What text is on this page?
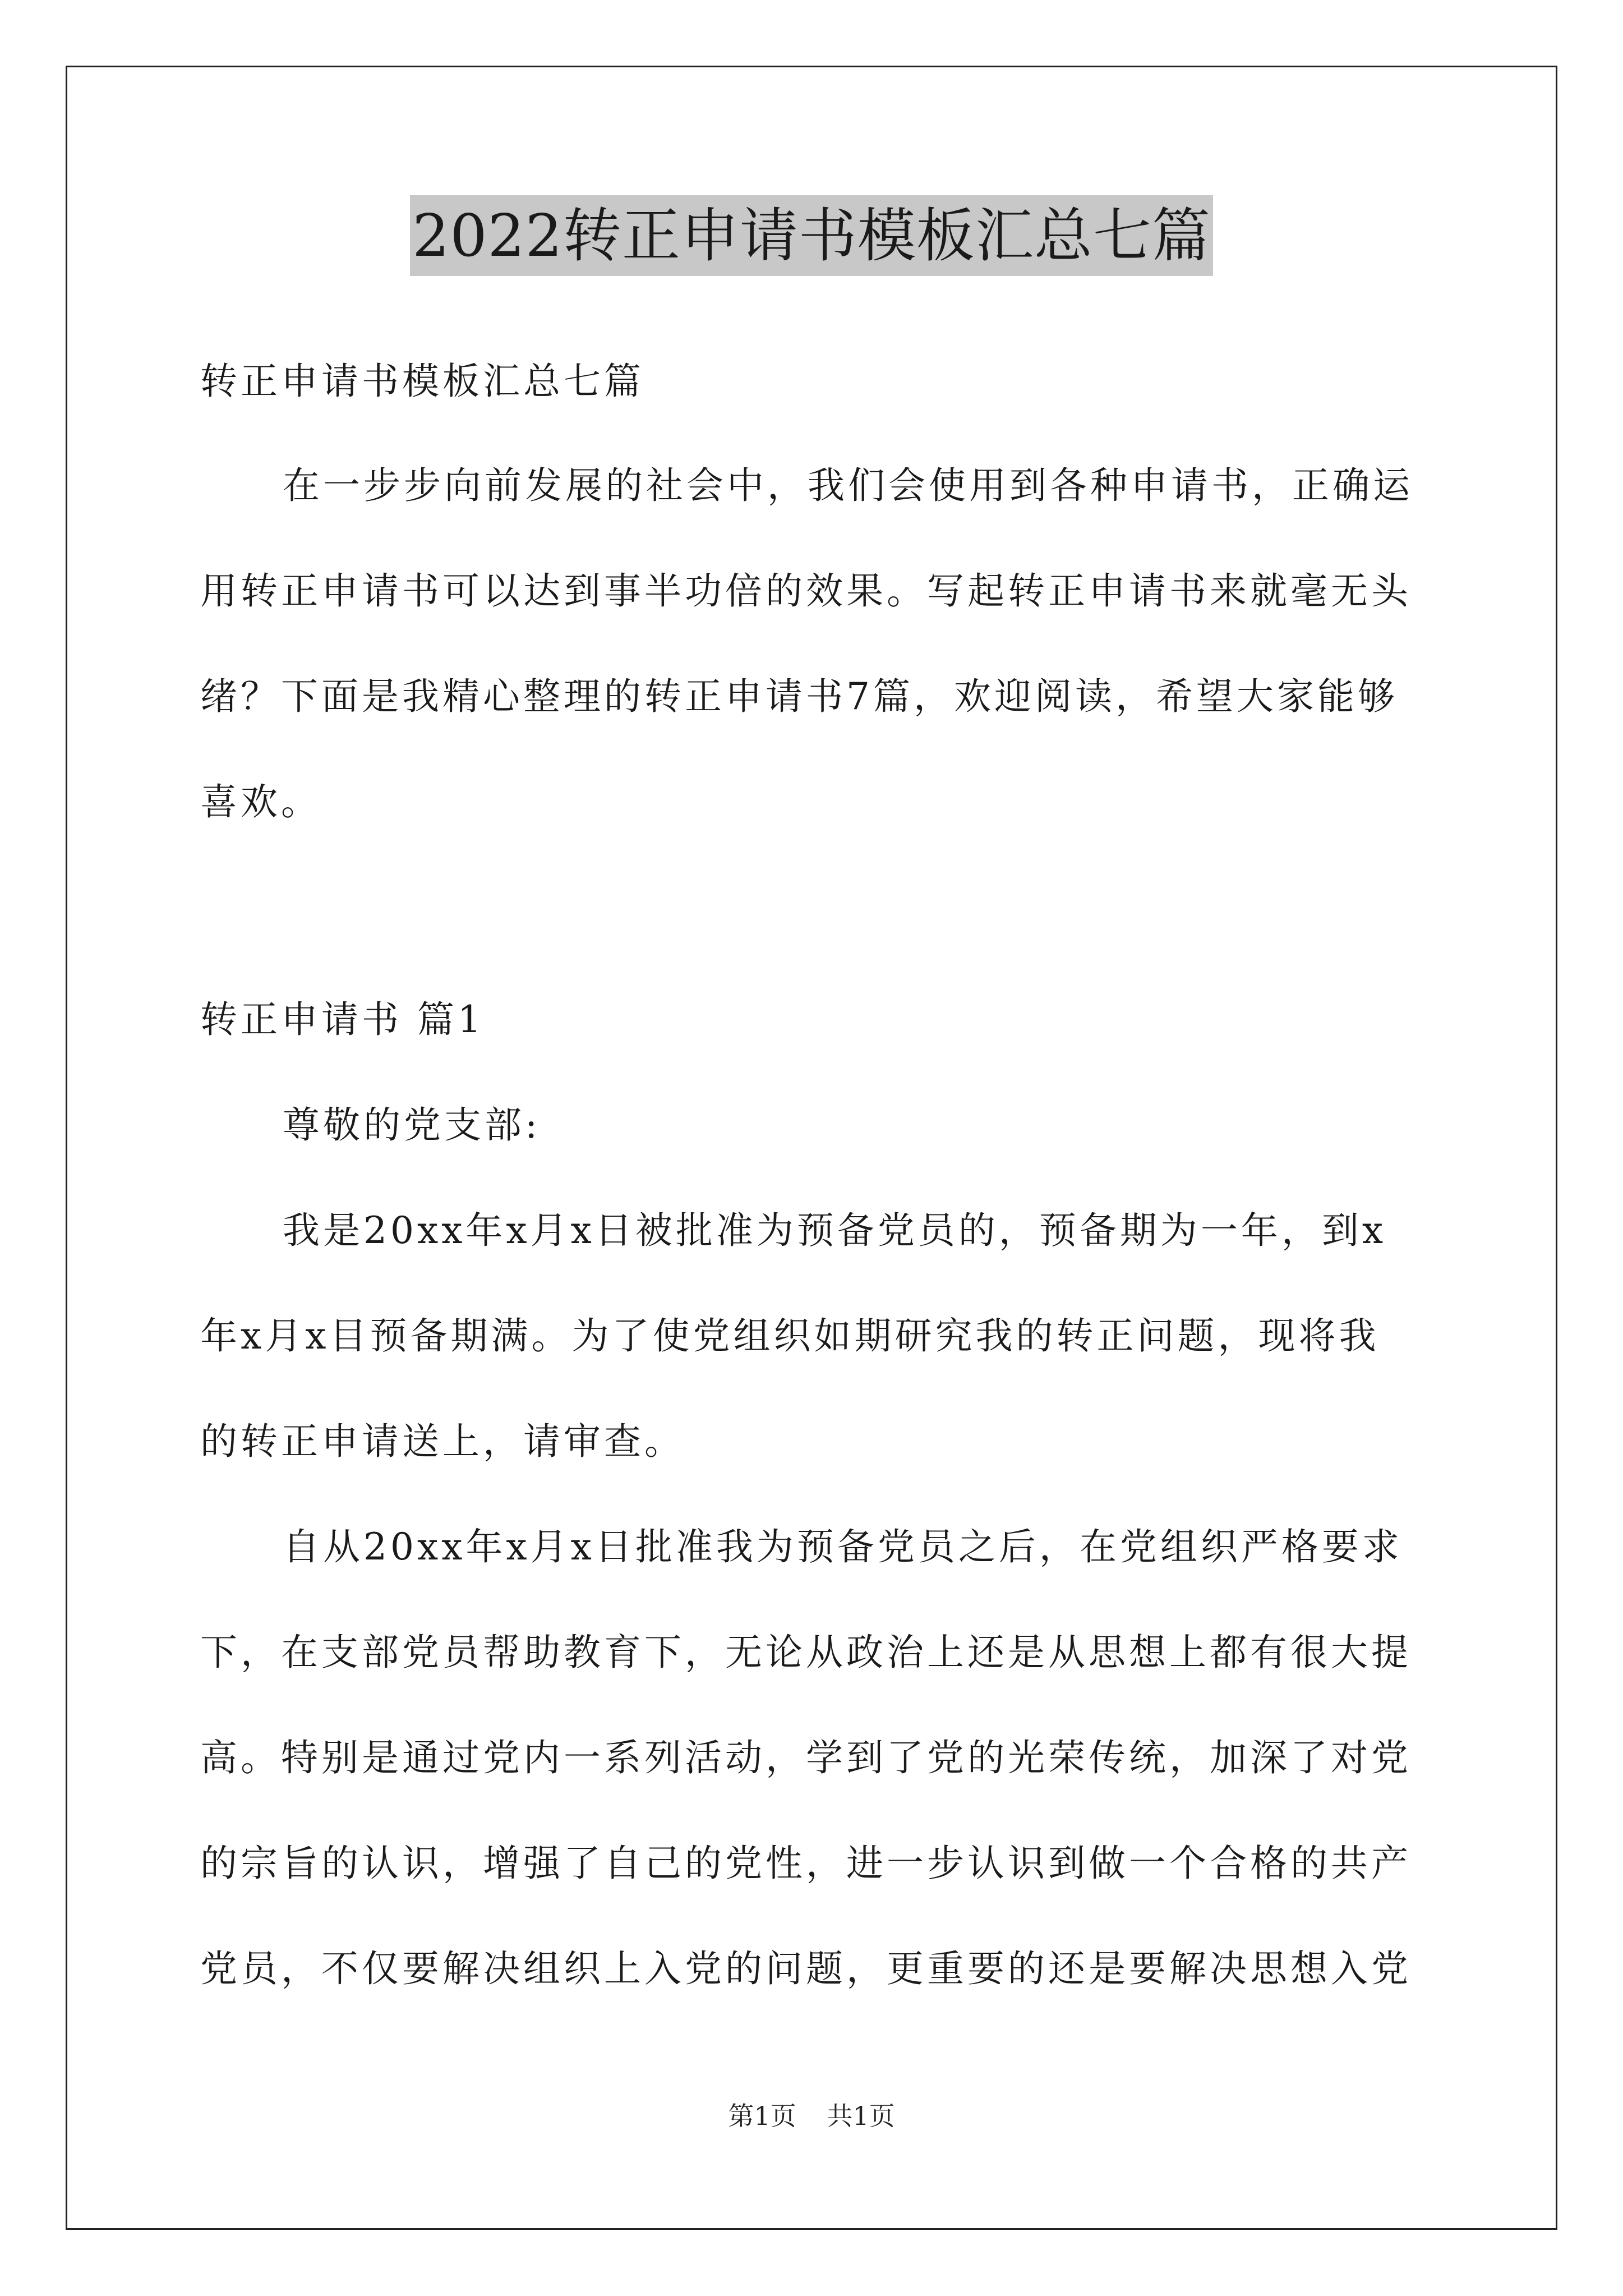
2022转正申请书模板汇总七篇
转正申请书模板汇总七篇
在一步步向前发展的社会中，我们会使用到各种申请书，正确运
用转正申请书可以达到事半功倍的效果。写起转正申请书来就毫无头
绪？下面是我精心整理的转正申请书7篇，欢迎阅读，希望大家能够
喜欢。
转正申请书 篇1
尊敬的党支部:
我是20xx年x月x日被批准为预备党员的，预备期为一年，到x
年x月x目预备期满。为了使党组织如期研究我的转正问题，现将我
的转正申请送上，请审查。
自从20xx年x月x日批准我为预备党员之后，在党组织严格要求
下，在支部党员帮助教育下，无论从政治上还是从思想上都有很大提
高。特别是通过党内一系列活动，学到了党的光荣传统，加深了对党
的宗旨的认识，增强了自己的党性，进一步认识到做一个合格的共产
党员，不仅要解决组织上入党的问题，更重要的还是要解决思想入党
第1页 共1页
